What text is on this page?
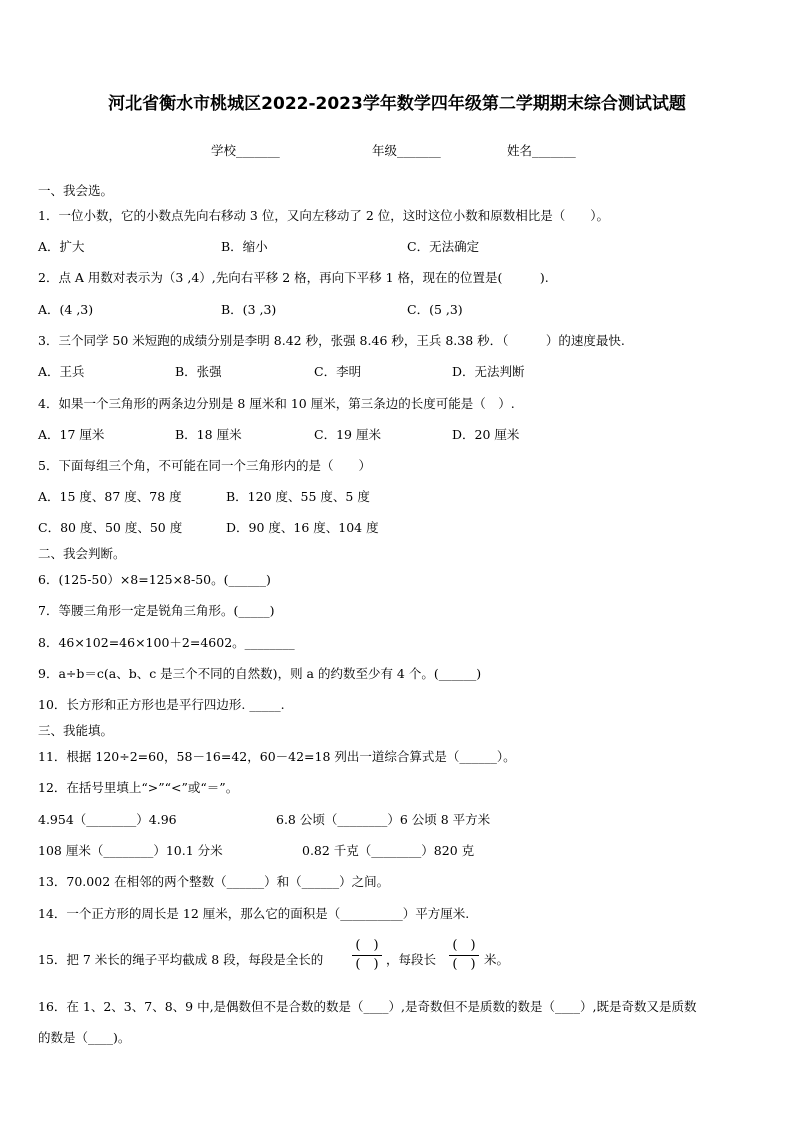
河北省衡水市桃城区2022-2023学年数学四年级第二学期期末综合测试试题
学校_______	年级_______	姓名_______
一、我会选。
1．一位小数，它的小数点先向右移动 3 位，又向左移动了 2 位，这时这位小数和原数相比是（　　）。
A．扩大	B．缩小	C．无法确定
2．点 A 用数对表示为（3 ,4）,先向右平移 2 格，再向下平移 1 格，现在的位置是(　　　).
A．(4 ,3)	B．(3 ,3)	C．(5 ,3)
3．三个同学 50 米短跑的成绩分别是李明 8.42 秒，张强 8.46 秒，王兵 8.38 秒．（　　　）的速度最快.
A．王兵	B．张强	C．李明	D．无法判断
4．如果一个三角形的两条边分别是 8 厘米和 10 厘米，第三条边的长度可能是（　）.
A．17 厘米	B．18 厘米	C．19 厘米	D．20 厘米
5．下面每组三个角，不可能在同一个三角形内的是（　　）
A．15 度、87 度、78 度	B．120 度、55 度、5 度
C．80 度、50 度、50 度	D．90 度、16 度、104 度
二、我会判断。
6．(125-50）×8=125×8-50。(______)
7．等腰三角形一定是锐角三角形。(_____)
8．46×102=46×100＋2=4602。________
9．a÷b＝c(a、b、c 是三个不同的自然数)，则 a 的约数至少有 4 个。(______)
10．长方形和正方形也是平行四边形. _____.
三、我能填。
11．根据 120÷2=60，58－16=42，60－42=18 列出一道综合算式是（______）。
12．在括号里填上“>”“<”或“＝”。
4.954（________）4.96	6.8 公顷（________）6 公顷 8 平方米
108 厘米（________）10.1 分米	0.82 千克（________）820 克
13．70.002 在相邻的两个整数（______）和（______）之间。
14．一个正方形的周长是 12 厘米，那么它的面积是（__________）平方厘米.
15．把 7 米长的绳子平均截成 8 段，每段是全长的
(　)
(　) ，每段长
(　)
(　) 米。
16．在 1、2、3、7、8、9 中,是偶数但不是合数的数是（____）,是奇数但不是质数的数是（____）,既是奇数又是质数
的数是（____)。
